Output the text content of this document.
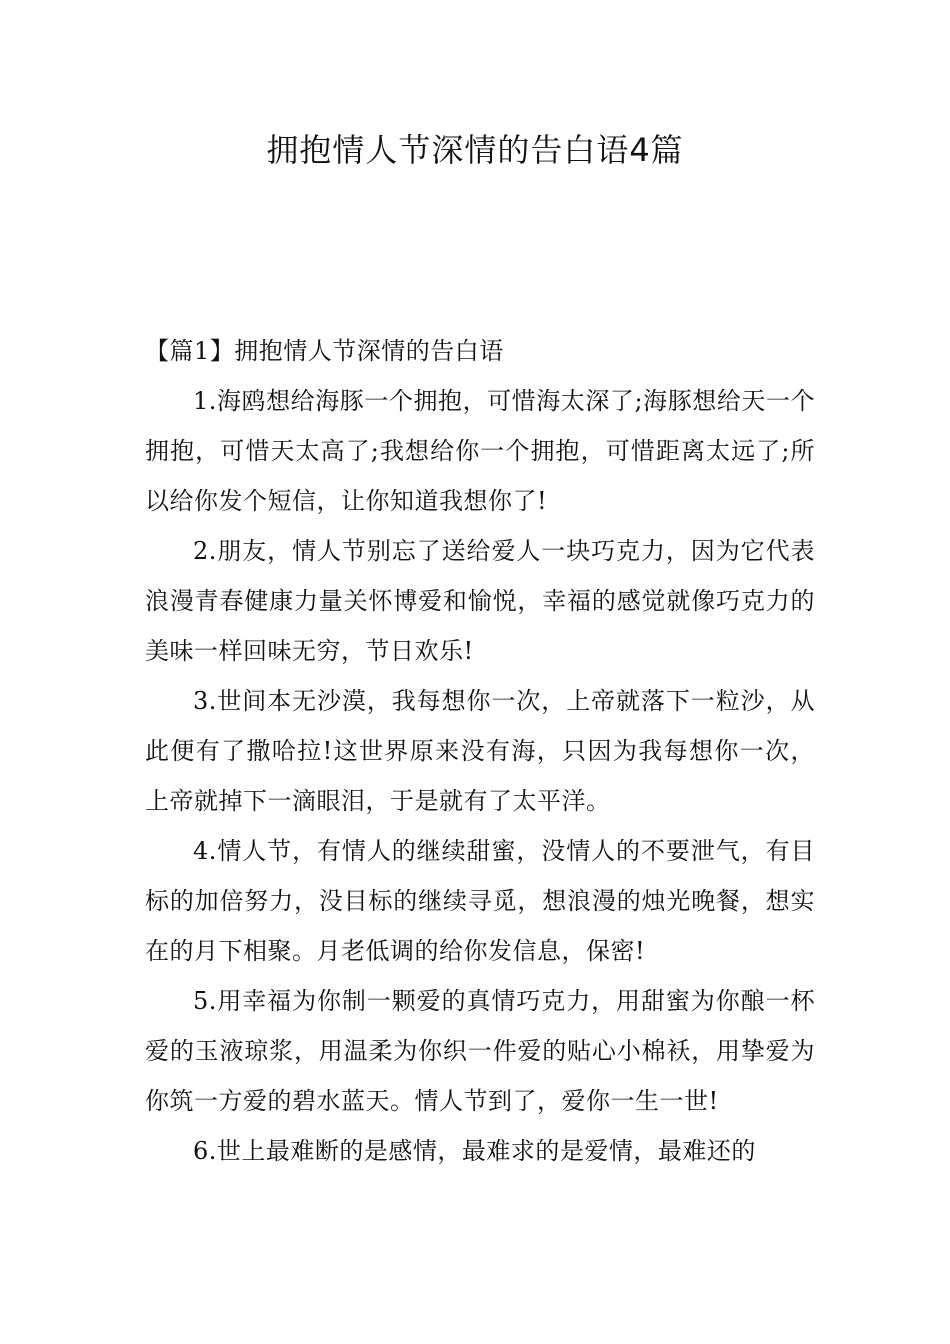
拥抱情人节深情的告白语4篇
【篇1】拥抱情人节深情的告白语

1.海鸥想给海豚一个拥抱，可惜海太深了;海豚想给天一个拥抱，可惜天太高了;我想给你一个拥抱，可惜距离太远了;所以给你发个短信，让你知道我想你了!

2.朋友，情人节别忘了送给爱人一块巧克力，因为它代表浪漫青春健康力量关怀博爱和愉悦，幸福的感觉就像巧克力的美味一样回味无穷，节日欢乐!

3.世间本无沙漠，我每想你一次，上帝就落下一粒沙，从此便有了撒哈拉!这世界原来没有海，只因为我每想你一次，上帝就掉下一滴眼泪，于是就有了太平洋。

4.情人节，有情人的继续甜蜜，没情人的不要泄气，有目标的加倍努力，没目标的继续寻觅，想浪漫的烛光晚餐，想实在的月下相聚。月老低调的给你发信息，保密!

5.用幸福为你制一颗爱的真情巧克力，用甜蜜为你酿一杯爱的玉液琼浆，用温柔为你织一件爱的贴心小棉袄，用挚爱为你筑一方爱的碧水蓝天。情人节到了，爱你一生一世!

6.世上最难断的是感情，最难求的是爱情，最难还的
